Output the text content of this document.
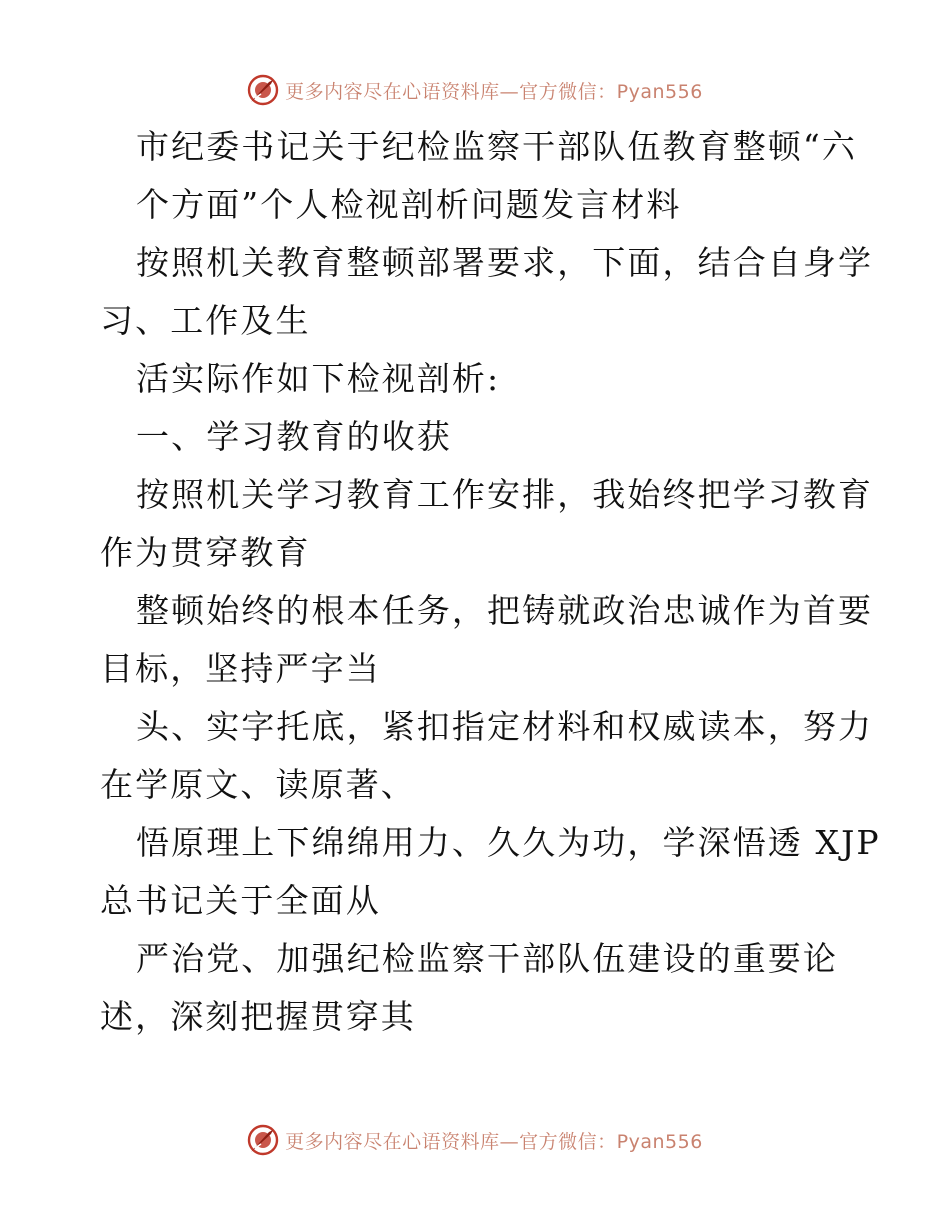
更多内容尽在心语资料库—官方微信：Pyan556
市纪委书记关于纪检监察干部队伍教育整顿“六
个方面”个人检视剖析问题发言材料
按照机关教育整顿部署要求，下面，结合自身学
习、工作及生
活实际作如下检视剖析:
一、学习教育的收获
按照机关学习教育工作安排，我始终把学习教育
作为贯穿教育
整顿始终的根本任务，把铸就政治忠诚作为首要
目标，坚持严字当
头、实字托底，紧扣指定材料和权威读本，努力
在学原文、读原著、
悟原理上下绵绵用力、久久为功，学深悟透 XJP
总书记关于全面从
严治党、加强纪检监察干部队伍建设的重要论
述，深刻把握贯穿其
更多内容尽在心语资料库—官方微信：Pyan556
